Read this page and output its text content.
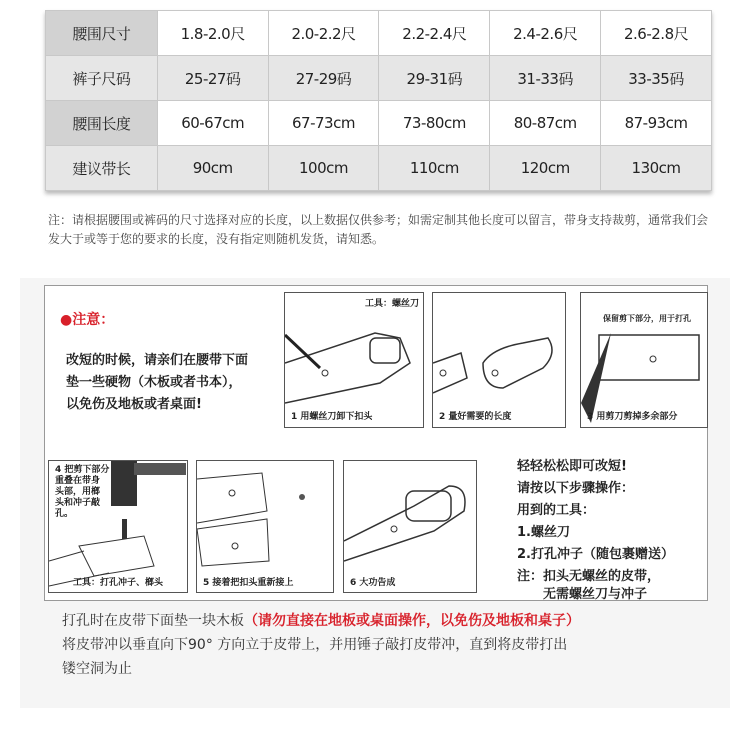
腰围尺寸	1.8-2.0尺	2.0-2.2尺	2.2-2.4尺	2.4-2.6尺	2.6-2.8尺
裤子尺码	25-27码	27-29码	29-31码	31-33码	33-35码
腰围长度	60-67cm	67-73cm	73-80cm	80-87cm	87-93cm
建议带长	90cm	100cm	110cm	120cm	130cm
注：请根据腰围或裤码的尺寸选择对应的长度，以上数据仅供参考；如需定制其他长度可以留言，带身支持裁剪，通常我们会发大于或等于您的要求的长度，没有指定则随机发货，请知悉。
●注意：
改短的时候，请亲们在腰带下面
垫一些硬物（木板或者书本），
以免伤及地板或者桌面!
工具：螺丝刀
1 用螺丝刀卸下扣头	2 量好需要的长度
保留剪下部分，用于打孔
3 用剪刀剪掉多余部分
4 把剪下部分
重叠在带身
头部，用榔
头和冲子敲
孔。
工具：打孔冲子、榔头	5 接着把扣头重新接上	6 大功告成
轻轻松松即可改短!
请按以下步骤操作：
用到的工具：
1.螺丝刀
2.打孔冲子（随包裹赠送）
注：扣头无螺丝的皮带，
无需螺丝刀与冲子
打孔时在皮带下面垫一块木板（请勿直接在地板或桌面操作，以免伤及地板和桌子）
将皮带冲以垂直向下90° 方向立于皮带上，并用锤子敲打皮带冲，直到将皮带打出
镂空洞为止
